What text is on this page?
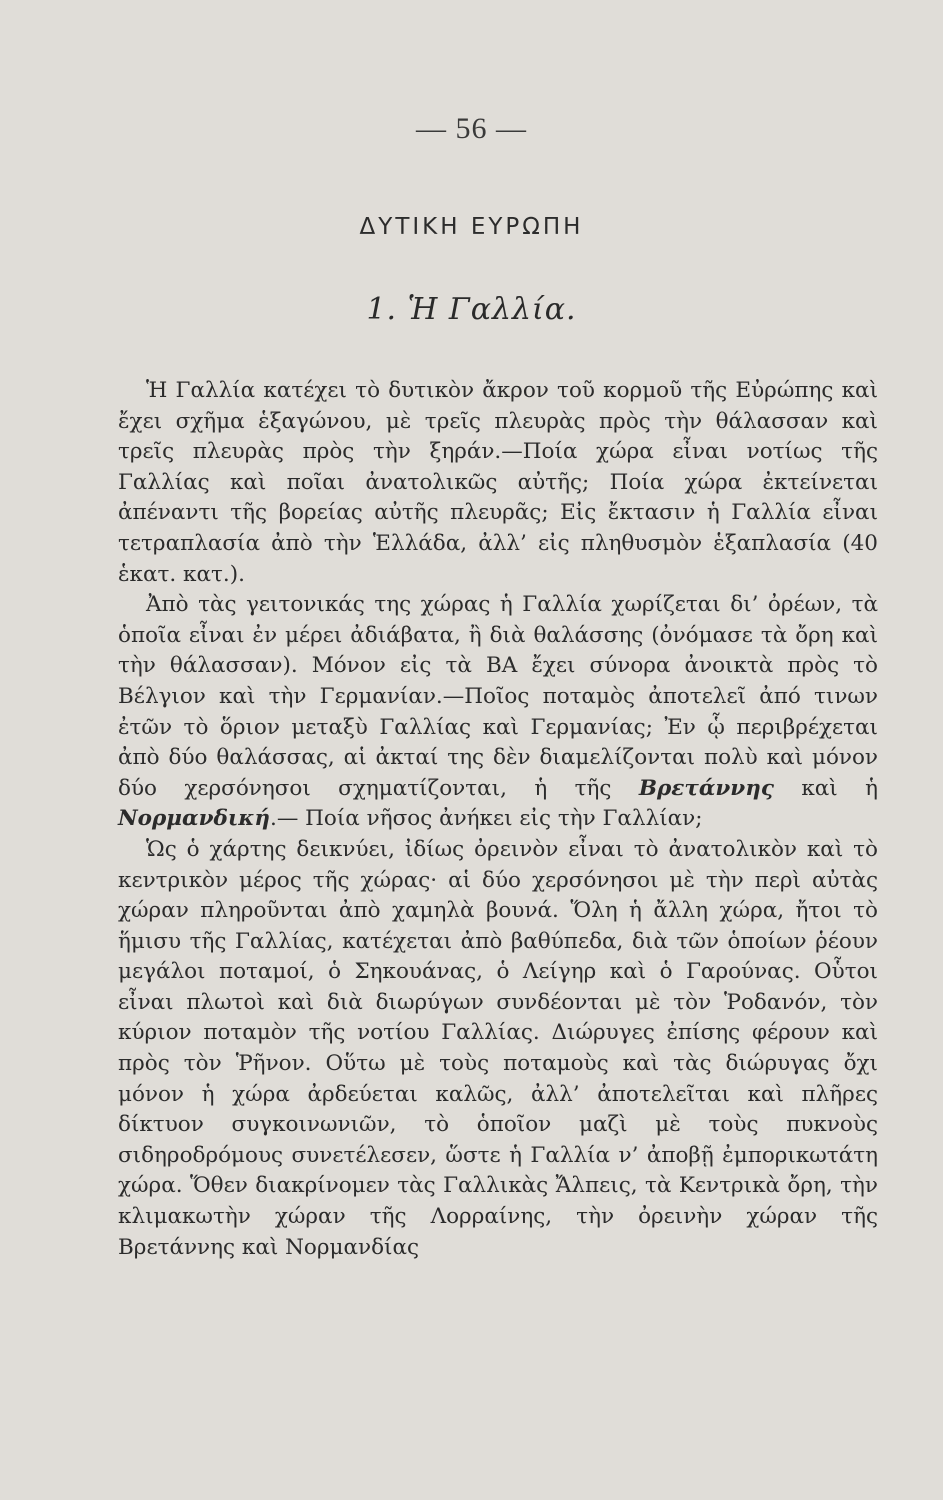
— 56 —
ΔΥΤΙΚΗ ΕΥΡΩΠΗ
1. Ἡ Γαλλία.

Ἡ Γαλλία κατέχει τὸ δυτικὸν ἄκρον τοῦ κορμοῦ τῆς Εὐρώπης καὶ ἔχει σχῆμα ἑξαγώνου, μὲ τρεῖς πλευρὰς πρὸς τὴν θάλασσαν καὶ τρεῖς πλευρὰς πρὸς τὴν ξηράν.—Ποία χώρα εἶναι νοτίως τῆς Γαλλίας καὶ ποῖαι ἀνατολικῶς αὐτῆς; Ποία χώρα ἐκτείνεται ἀπέναντι τῆς βορείας αὐτῆς πλευρᾶς; Εἰς ἔκτασιν ἡ Γαλλία εἶναι τετραπλασία ἀπὸ τὴν Ἑλλάδα, ἀλλ’ εἰς πληθυσμὸν ἑξαπλασία (40 ἑκατ. κατ.).

Ἀπὸ τὰς γειτονικάς της χώρας ἡ Γαλλία χωρίζεται δι’ ὀρέων, τὰ ὁποῖα εἶναι ἐν μέρει ἀδιάβατα, ἢ διὰ θαλάσσης (ὀνόμασε τὰ ὄρη καὶ τὴν θάλασσαν). Μόνον εἰς τὰ ΒΑ ἔχει σύνορα ἀνοικτὰ πρὸς τὸ Βέλγιον καὶ τὴν Γερμανίαν.—Ποῖος ποταμὸς ἀποτελεῖ ἀπό τινων ἐτῶν τὸ ὅριον μεταξὺ Γαλλίας καὶ Γερμανίας; Ἐν ᾧ περιβρέχεται ἀπὸ δύο θαλάσσας, αἱ ἀκταί της δὲν διαμελίζονται πολὺ καὶ μόνον δύο χερσόνησοι σχηματίζονται, ἡ τῆς Βρετάννης καὶ ἡ Νορμανδική.— Ποία νῆσος ἀνήκει εἰς τὴν Γαλλίαν;

Ὡς ὁ χάρτης δεικνύει, ἰδίως ὀρεινὸν εἶναι τὸ ἀνατολικὸν καὶ τὸ κεντρικὸν μέρος τῆς χώρας· αἱ δύο χερσόνησοι μὲ τὴν περὶ αὐτὰς χώραν πληροῦνται ἀπὸ χαμηλὰ βουνά. Ὅλη ἡ ἄλλη χώρα, ἤτοι τὸ ἥμισυ τῆς Γαλλίας, κατέχεται ἀπὸ βαθύπεδα, διὰ τῶν ὁποίων ῥέουν μεγάλοι ποταμοί, ὁ Σηκουάνας, ὁ Λείγηρ καὶ ὁ Γαρούνας. Οὗτοι εἶναι πλωτοὶ καὶ διὰ διωρύγων συνδέονται μὲ τὸν Ῥοδανόν, τὸν κύριον ποταμὸν τῆς νοτίου Γαλλίας. Διώρυγες ἐπίσης φέρουν καὶ πρὸς τὸν Ῥῆνον. Οὕτω μὲ τοὺς ποταμοὺς καὶ τὰς διώρυγας ὄχι μόνον ἡ χώρα ἀρδεύεται καλῶς, ἀλλ’ ἀποτελεῖται καὶ πλῆρες δίκτυον συγκοινωνιῶν, τὸ ὁποῖον μαζὶ μὲ τοὺς πυκνοὺς σιδηροδρόμους συνετέλεσεν, ὥστε ἡ Γαλλία ν’ ἀποβῇ ἐμπορικωτάτη χώρα. Ὅθεν διακρίνομεν τὰς Γαλλικὰς Ἄλπεις, τὰ Κεντρικὰ ὄρη, τὴν κλιμακωτὴν χώραν τῆς Λορραίνης, τὴν ὀρεινὴν χώραν τῆς Βρετάννης καὶ Νορμανδίας
